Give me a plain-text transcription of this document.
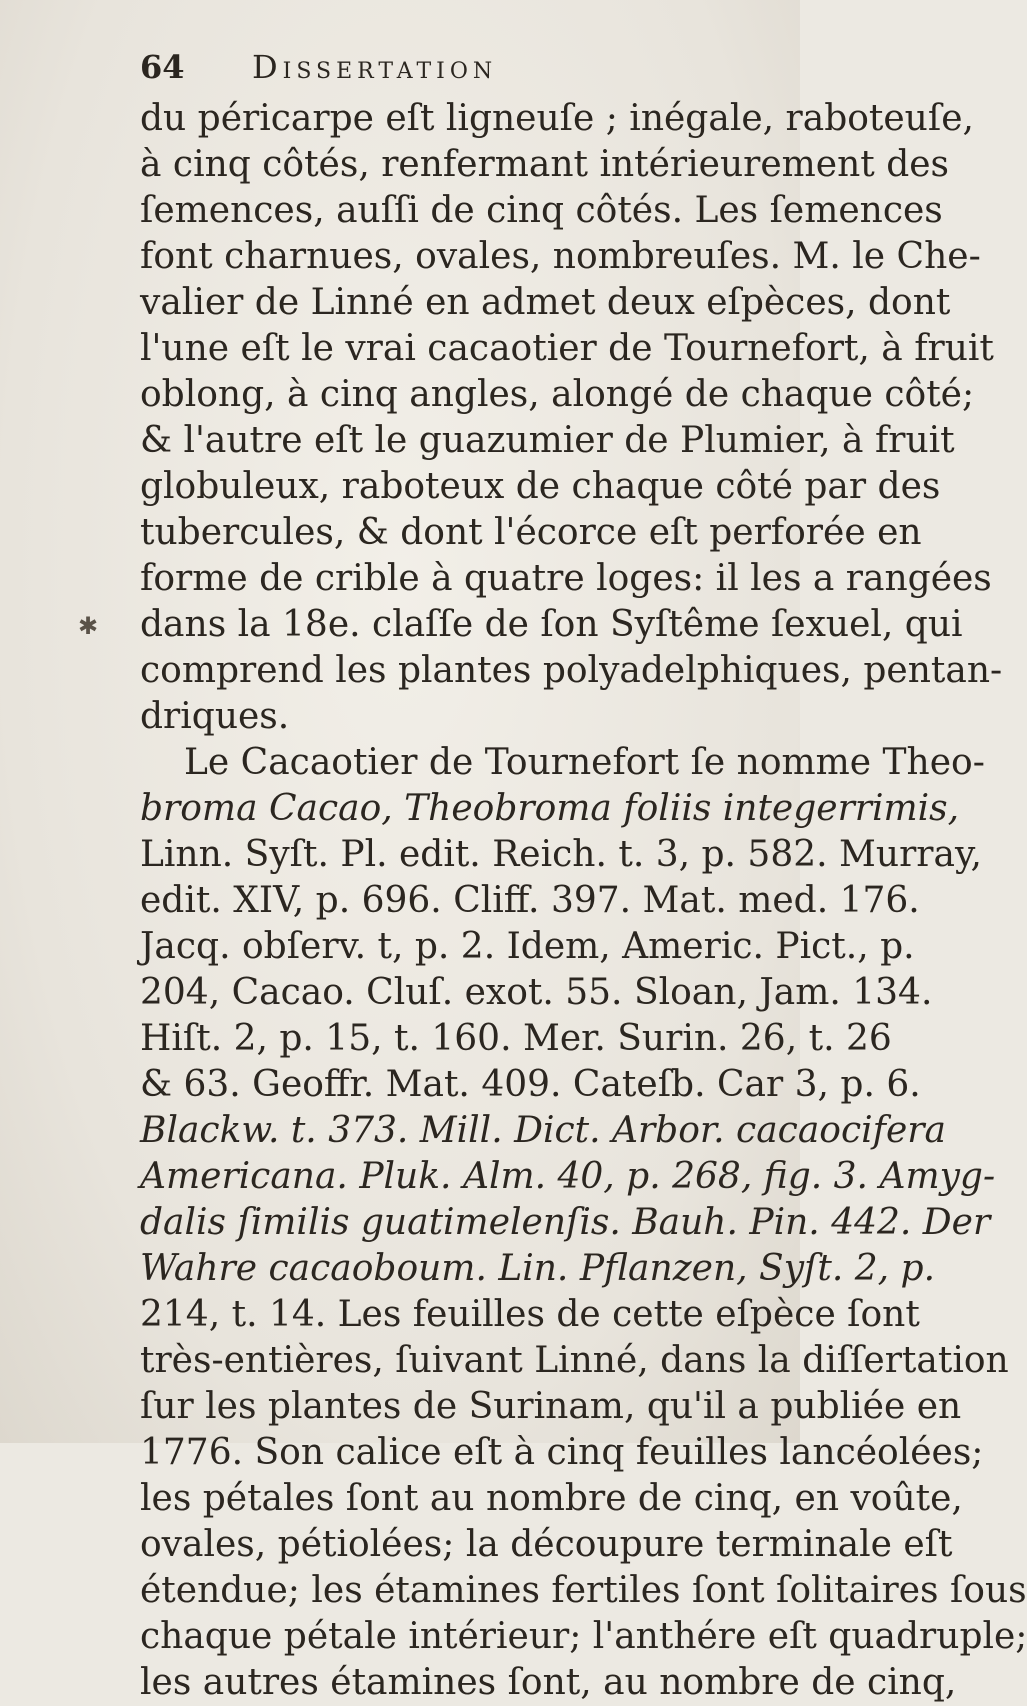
✱
64 Dissertation
du péricarpe eſt ligneuſe ; inégale, raboteuſe,
à cinq côtés, renfermant intérieurement des
ſemences, auſſi de cinq côtés. Les ſemences
font charnues, ovales, nombreuſes. M. le Che-
valier de Linné en admet deux eſpèces, dont
l'une eſt le vrai cacaotier de Tournefort, à fruit
oblong, à cinq angles, alongé de chaque côté;
& l'autre eſt le guazumier de Plumier, à fruit
globuleux, raboteux de chaque côté par des
tubercules, & dont l'écorce eſt perforée en
forme de crible à quatre loges: il les a rangées
dans la 18e. claſſe de ſon Syſtême ſexuel, qui
comprend les plantes polyadelphiques, pentan-
driques.
Le Cacaotier de Tournefort ſe nomme Theo-
broma Cacao, Theobroma foliis integerrimis,
Linn. Syſt. Pl. edit. Reich. t. 3, p. 582. Murray,
edit. XIV, p. 696. Cliff. 397. Mat. med. 176.
Jacq. obſerv. t, p. 2. Idem, Americ. Pict., p.
204, Cacao. Cluſ. exot. 55. Sloan, Jam. 134.
Hiſt. 2, p. 15, t. 160. Mer. Surin. 26, t. 26
& 63. Geoffr. Mat. 409. Cateſb. Car 3, p. 6.
Blackw. t. 373. Mill. Dict. Arbor. cacaocifera
Americana. Pluk. Alm. 40, p. 268, fig. 3. Amyg-
dalis ſimilis guatimelenſis. Bauh. Pin. 442. Der
Wahre cacaoboum. Lin. Pflanzen, Syſt. 2, p.
214, t. 14. Les feuilles de cette eſpèce ſont
très-entières, ſuivant Linné, dans la diſſertation
ſur les plantes de Surinam, qu'il a publiée en
1776. Son calice eſt à cinq feuilles lancéolées;
les pétales ſont au nombre de cinq, en voûte,
ovales, pétiolées; la découpure terminale eſt
étendue; les étamines fertiles ſont ſolitaires ſous
chaque pétale intérieur; l'anthére eſt quadruple;
les autres étamines ſont, au nombre de cinq,
